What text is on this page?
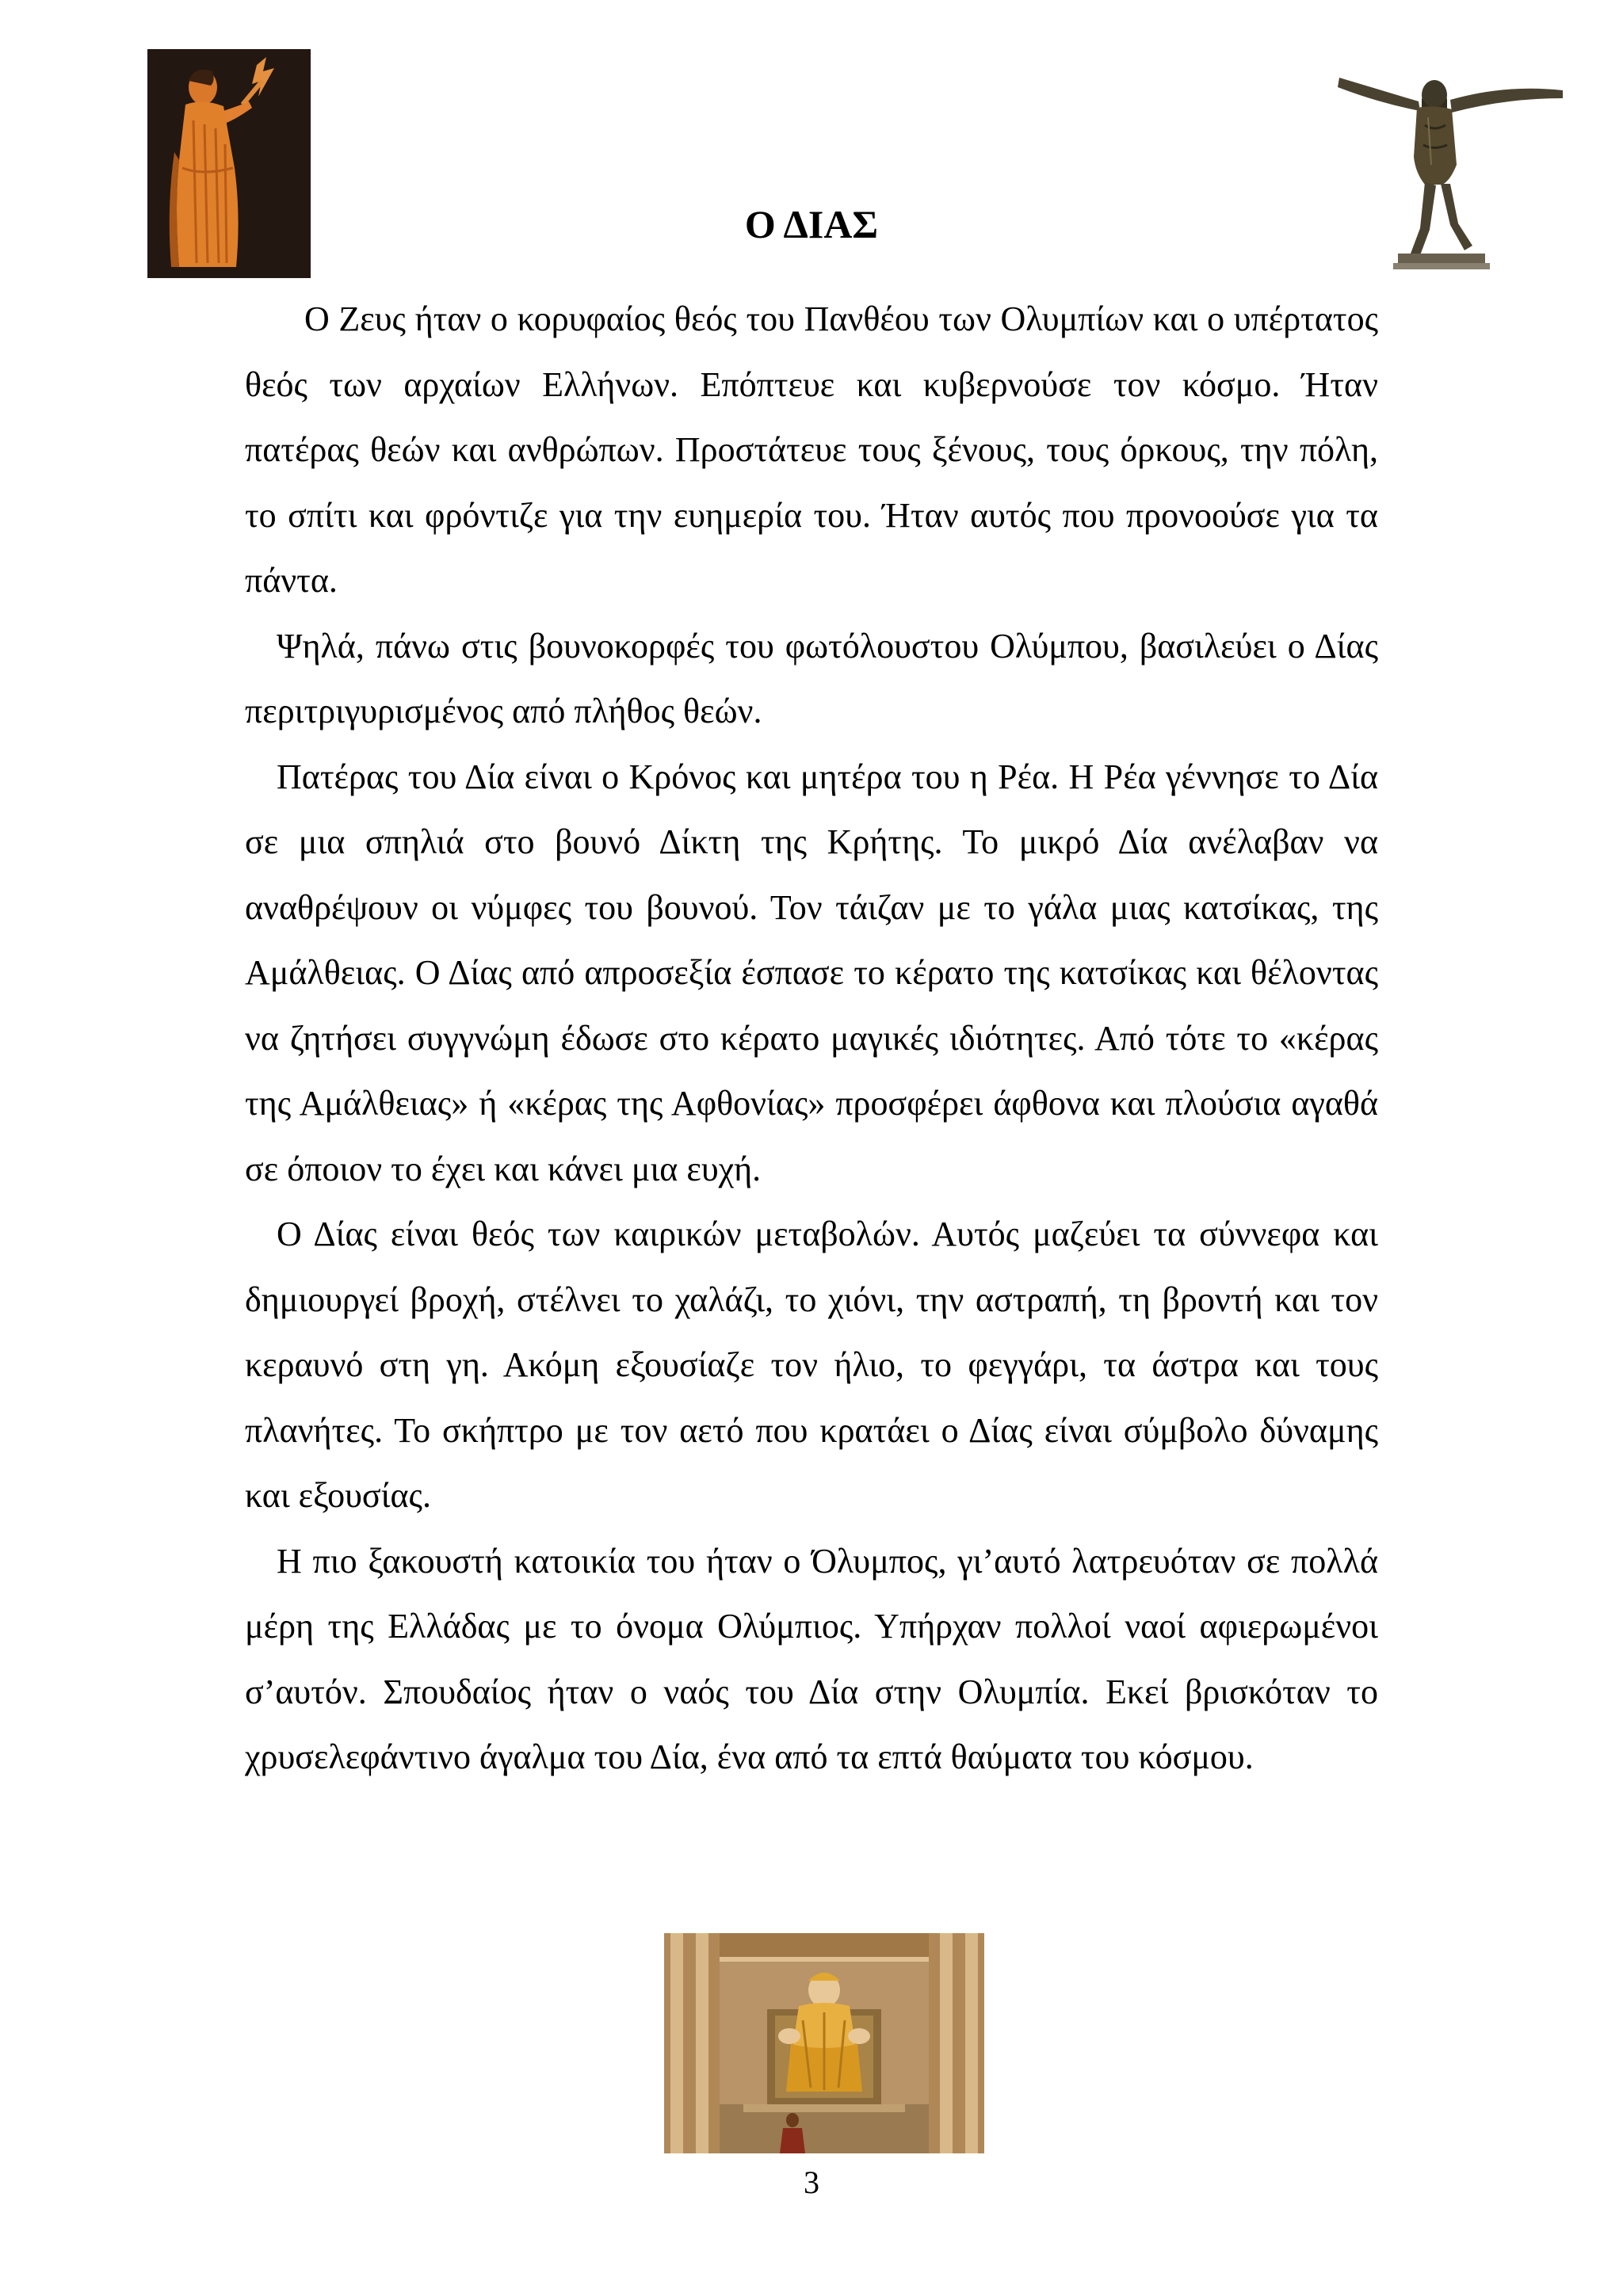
Ο ΔΙΑΣ

Ο Ζευς ήταν ο κορυφαίος θεός του Πανθέου των Ολυμπίων και ο υπέρτατος θεός των αρχαίων Ελλήνων. Επόπτευε και κυβερνούσε τον κόσμο. Ήταν πατέρας θεών και ανθρώπων. Προστάτευε τους ξένους, τους όρκους, την πόλη, το σπίτι και φρόντιζε για την ευημερία του. Ήταν αυτός που προνοούσε για τα πάντα.

Ψηλά, πάνω στις βουνοκορφές του φωτόλουστου Ολύμπου, βασιλεύει ο Δίας περιτριγυρισμένος από πλήθος θεών.

Πατέρας του Δία είναι ο Κρόνος και μητέρα του η Ρέα. Η Ρέα γέννησε το Δία σε μια σπηλιά στο βουνό Δίκτη της Κρήτης. Το μικρό Δία ανέλαβαν να αναθρέψουν οι νύμφες του βουνού. Τον τάιζαν με το γάλα μιας κατσίκας, της Αμάλθειας. Ο Δίας από απροσεξία έσπασε το κέρατο της κατσίκας και θέλοντας να ζητήσει συγγνώμη έδωσε στο κέρατο μαγικές ιδιότητες. Από τότε το «κέρας της Αμάλθειας» ή «κέρας της Αφθονίας» προσφέρει άφθονα και πλούσια αγαθά σε όποιον το έχει και κάνει μια ευχή.

Ο Δίας είναι θεός των καιρικών μεταβολών. Αυτός μαζεύει τα σύννεφα και δημιουργεί βροχή, στέλνει το χαλάζι, το χιόνι, την αστραπή, τη βροντή και τον κεραυνό στη γη. Ακόμη εξουσίαζε τον ήλιο, το φεγγάρι, τα άστρα και τους πλανήτες. Το σκήπτρο με τον αετό που κρατάει ο Δίας είναι σύμβολο δύναμης και εξουσίας.

Η πιο ξακουστή κατοικία του ήταν ο Όλυμπος, γι’αυτό λατρευόταν σε πολλά μέρη της Ελλάδας με το όνομα Ολύμπιος. Υπήρχαν πολλοί ναοί αφιερωμένοι σ’αυτόν. Σπουδαίος ήταν ο ναός του Δία στην Ολυμπία. Εκεί βρισκόταν το χρυσελεφάντινο άγαλμα του Δία, ένα από τα επτά θαύματα του κόσμου.

3
